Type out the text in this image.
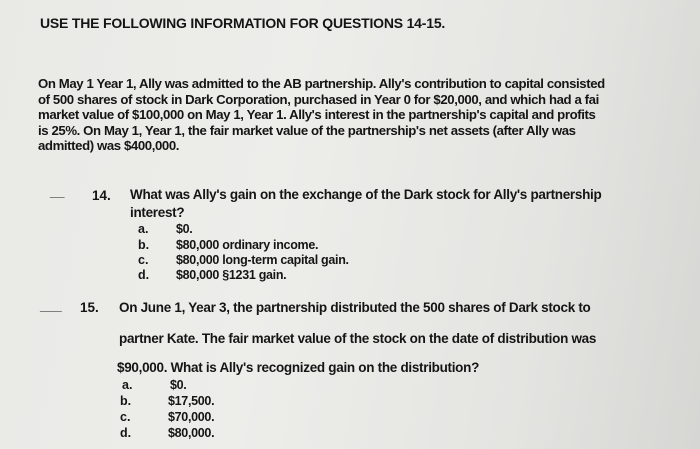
USE THE FOLLOWING INFORMATION FOR QUESTIONS 14-15.
On May 1 Year 1, Ally was admitted to the AB partnership. Ally's contribution to capital consisted
of 500 shares of stock in Dark Corporation, purchased in Year 0 for $20,000, and which had a fai
market value of $100,000 on May 1, Year 1. Ally's interest in the partnership's capital and profits
is 25%. On May 1, Year 1, the fair market value of the partnership's net assets (after Ally was
admitted) was $400,000.
__ 14. What was Ally's gain on the exchange of the Dark stock for Ally's partnership
interest?
a. $0.
b. $80,000 ordinary income.
c. $80,000 long-term capital gain.
d. $80,000 §1231 gain.
___ 15. On June 1, Year 3, the partnership distributed the 500 shares of Dark stock to
partner Kate. The fair market value of the stock on the date of distribution was
$90,000. What is Ally's recognized gain on the distribution?
a.	$0.
b.	$17,500.
c.	$70,000.
d.	$80,000.
